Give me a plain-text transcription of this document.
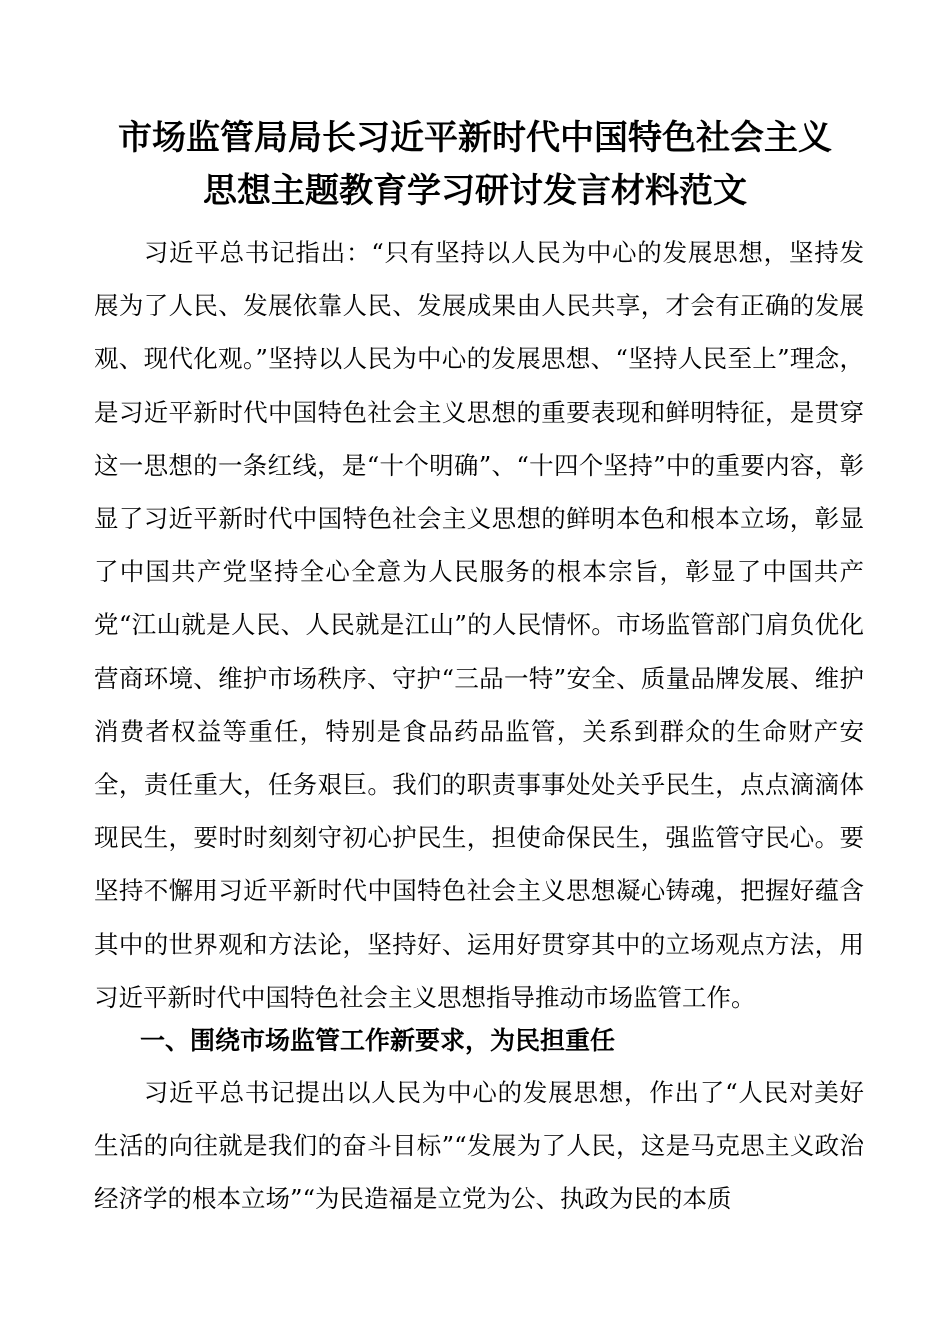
市场监管局局长习近平新时代中国特色社会主义
思想主题教育学习研讨发言材料范文
习近平总书记指出：“只有坚持以人民为中心的发展思想，坚持发展为了人民、发展依靠人民、发展成果由人民共享，才会有正确的发展观、现代化观。”坚持以人民为中心的发展思想、“坚持人民至上”理念，是习近平新时代中国特色社会主义思想的重要表现和鲜明特征，是贯穿这一思想的一条红线，是“十个明确”、“十四个坚持”中的重要内容，彰显了习近平新时代中国特色社会主义思想的鲜明本色和根本立场，彰显了中国共产党坚持全心全意为人民服务的根本宗旨，彰显了中国共产党“江山就是人民、人民就是江山”的人民情怀。市场监管部门肩负优化营商环境、维护市场秩序、守护“三品一特”安全、质量品牌发展、维护消费者权益等重任，特别是食品药品监管，关系到群众的生命财产安全，责任重大，任务艰巨。我们的职责事事处处关乎民生，点点滴滴体现民生，要时时刻刻守初心护民生，担使命保民生，强监管守民心。要坚持不懈用习近平新时代中国特色社会主义思想凝心铸魂，把握好蕴含其中的世界观和方法论，坚持好、运用好贯穿其中的立场观点方法，用习近平新时代中国特色社会主义思想指导推动市场监管工作。
一、围绕市场监管工作新要求，为民担重任
习近平总书记提出以人民为中心的发展思想，作出了“人民对美好生活的向往就是我们的奋斗目标”“发展为了人民，这是马克思主义政治经济学的根本立场”“为民造福是立党为公、执政为民的本质
